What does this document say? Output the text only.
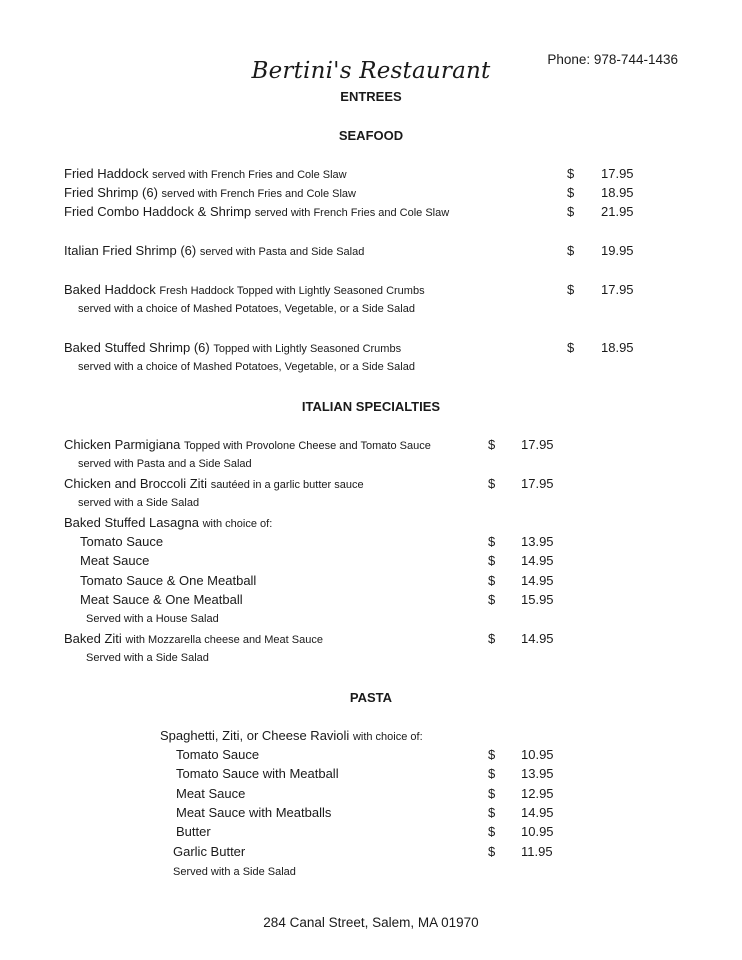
Bertini's Restaurant	Phone: 978-744-1436
ENTREES
SEAFOOD
Fried Haddock served with French Fries and Cole Slaw	$ 17.95
Fried Shrimp (6) served with French Fries and Cole Slaw	$ 18.95
Fried Combo Haddock & Shrimp served with French Fries and Cole Slaw	$ 21.95
Italian Fried Shrimp (6) served with Pasta and Side Salad	$ 19.95
Baked Haddock Fresh Haddock Topped with Lightly Seasoned Crumbs	$ 17.95
served with a choice of Mashed Potatoes, Vegetable, or a Side Salad
Baked Stuffed Shrimp (6) Topped with Lightly Seasoned Crumbs	$ 18.95
served with a choice of Mashed Potatoes, Vegetable, or a Side Salad
ITALIAN SPECIALTIES
Chicken Parmigiana Topped with Provolone Cheese and Tomato Sauce	$ 17.95
served with Pasta and a Side Salad
Chicken and Broccoli Ziti sautéed in a garlic butter sauce	$ 17.95
served with a Side Salad
Baked Stuffed Lasagna with choice of:
Tomato Sauce	$ 13.95
Meat Sauce	$ 14.95
Tomato Sauce & One Meatball	$ 14.95
Meat Sauce & One Meatball	$ 15.95
Served with a House Salad
Baked Ziti with Mozzarella cheese and Meat Sauce	$ 14.95
Served with a Side Salad
PASTA
Spaghetti, Ziti, or Cheese Ravioli with choice of:
Tomato Sauce	$ 10.95
Tomato Sauce with Meatball	$ 13.95
Meat Sauce	$ 12.95
Meat Sauce with Meatballs	$ 14.95
Butter	$ 10.95
Garlic Butter	$ 11.95
Served with a Side Salad
284 Canal Street, Salem, MA 01970
